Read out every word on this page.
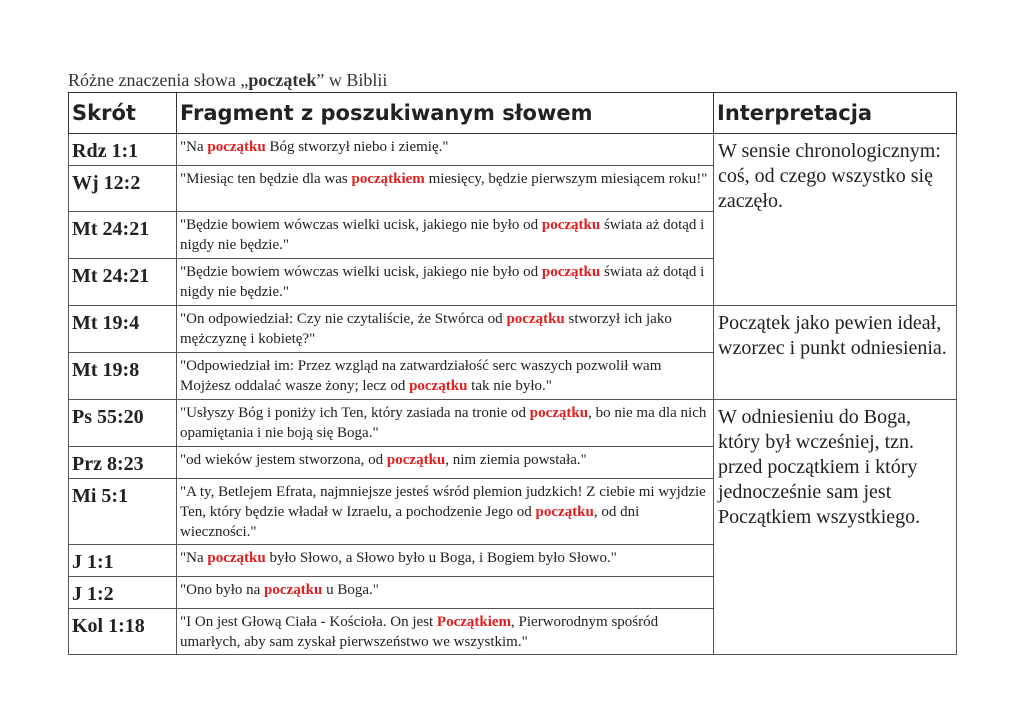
Różne znaczenia słowa „początek” w Biblii
Skrót	Fragment z poszukiwanym słowem	Interpretacja
Rdz 1:1	"Na początku Bóg stworzył niebo i ziemię."	W sensie chronologicznym: coś, od czego wszystko się zaczęło.
Wj 12:2	"Miesiąc ten będzie dla was początkiem miesięcy, będzie pierwszym miesiącem roku!"	
Mt 24:21	"Będzie bowiem wówczas wielki ucisk, jakiego nie było od początku świata aż dotąd i nigdy nie będzie."	
Mt 24:21	"Będzie bowiem wówczas wielki ucisk, jakiego nie było od początku świata aż dotąd i nigdy nie będzie."	
Mt 19:4	"On odpowiedział: Czy nie czytaliście, że Stwórca od początku stworzył ich jako mężczyznę i kobietę?"	Początek jako pewien ideał, wzorzec i punkt odniesienia.
Mt 19:8	"Odpowiedział im: Przez wzgląd na zatwardziałość serc waszych pozwolił wam Mojżesz oddalać wasze żony; lecz od początku tak nie było."	
Ps 55:20	"Usłyszy Bóg i poniży ich Ten, który zasiada na tronie od początku, bo nie ma dla nich opamiętania i nie boją się Boga."	W odniesieniu do Boga, który był wcześniej, tzn. przed początkiem i który jednocześnie sam jest Początkiem wszystkiego.
Prz 8:23	"od wieków jestem stworzona, od początku, nim ziemia powstała."	
Mi 5:1	"A ty, Betlejem Efrata, najmniejsze jesteś wśród plemion judzkich! Z ciebie mi wyjdzie Ten, który będzie władał w Izraelu, a pochodzenie Jego od początku, od dni wieczności."	
J 1:1	"Na początku było Słowo, a Słowo było u Boga, i Bogiem było Słowo."	
J 1:2	"Ono było na początku u Boga."	
Kol 1:18	"I On jest Głową Ciała - Kościoła. On jest Początkiem, Pierworodnym spośród umarłych, aby sam zyskał pierwszeństwo we wszystkim."	
